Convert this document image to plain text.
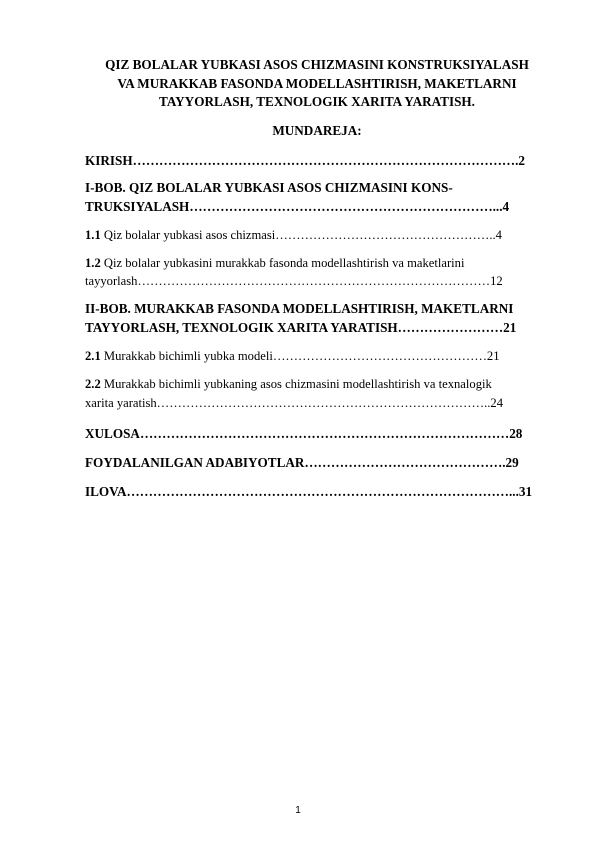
QIZ BOLALAR YUBKASI ASOS CHIZMASINI KONSTRUKSIYALASH
VA MURAKKAB FASONDA MODELLASHTIRISH, MAKETLARNI
TAYYORLASH, TEXNOLOGIK XARITA YARATISH.
MUNDAREJA:
KIRISH…………………………………………………………………………….2
I-BOB. QIZ BOLALAR YUBKASI ASOS CHIZMASINI KONS-
TRUKSIYALASH……………………………………………………………...4
1.1 Qiz bolalar yubkasi asos chizmasi……………………………………………..4
1.2 Qiz bolalar yubkasini murakkab fasonda modellashtirish va maketlarini
tayyorlash…………………………………………………………………………12
II-BOB. MURAKKAB FASONDA MODELLASHTIRISH, MAKETLARNI
TAYYORLASH, TEXNOLOGIK XARITA YARATISH……………………21
2.1 Murakkab bichimli yubka modeli……………………………………………21
2.2 Murakkab bichimli yubkaning asos chizmasini modellashtirish va texnalogik
xarita yaratish……………………………………………………………………..24
XULOSA…………………………………………………………………………28
FOYDALANILGAN ADABIYOTLAR……………………………………….29
ILOVA……………………………………………………………………………...31
1
